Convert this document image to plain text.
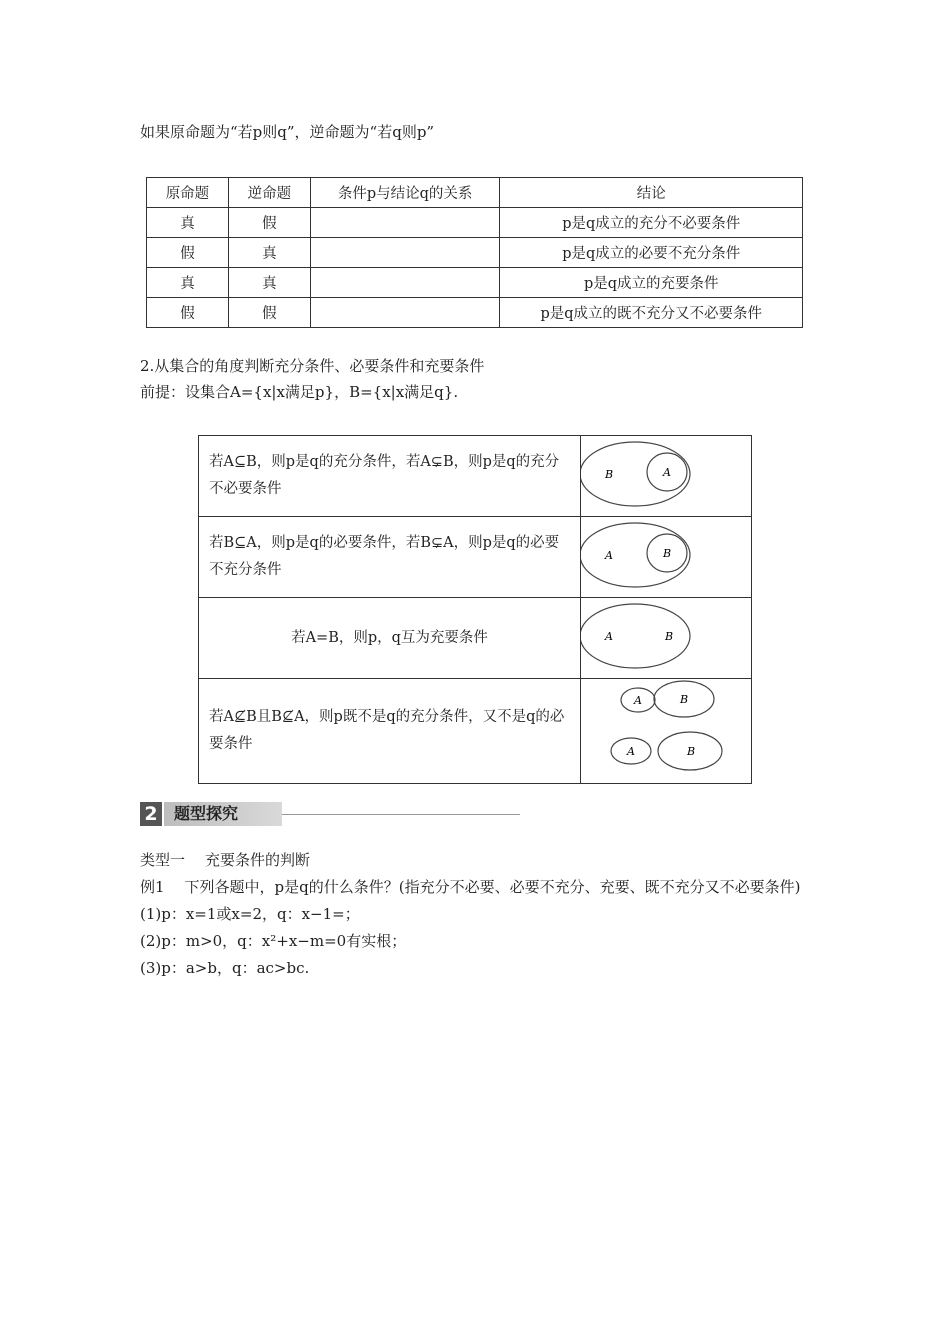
如果原命题为“若p则q”，逆命题为“若q则p”
原命题	逆命题	条件p与结论q的关系	结论
真	假		p是q成立的充分不必要条件
假	真		p是q成立的必要不充分条件
真	真		p是q成立的充要条件
假	假		p是q成立的既不充分又不必要条件
2.从集合的角度判断充分条件、必要条件和充要条件
前提：设集合A={x|x满足p}，B={x|x满足q}.
若A⊆B，则p是q的充分条件，若A⊊B，则p是q的充分不必要条件	B A

若B⊆A，则p是q的必要条件，若B⊊A，则p是q的必要不充分条件	A B

若A=B，则p，q互为充要条件	A B

若A⊈B且B⊈A，则p既不是q的充分条件，又不是q的必要条件	A B
A B
2	题型探究
类型一 充要条件的判断
例1 下列各题中，p是q的什么条件？(指充分不必要、必要不充分、充要、既不充分又不必要条件)
(1)p：x=1或x=2，q：x−1=；
(2)p：m>0，q：x²+x−m=0有实根；
(3)p：a>b，q：ac>bc.
